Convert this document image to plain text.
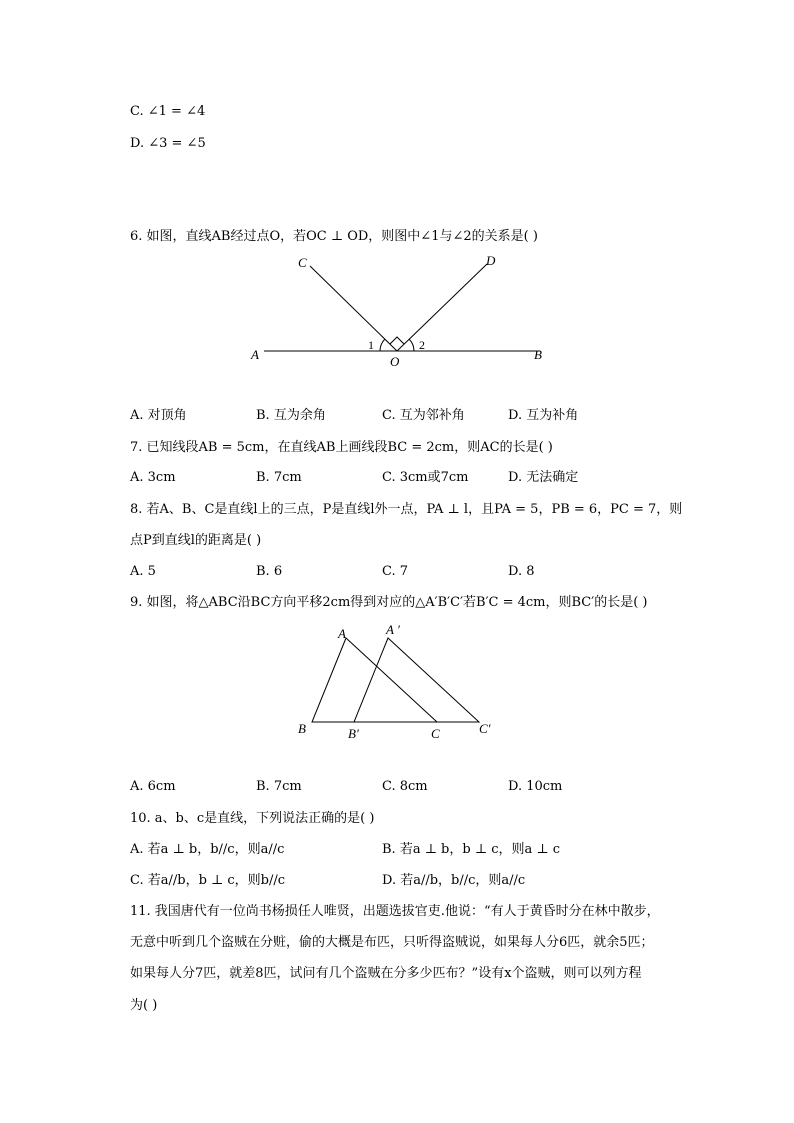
C. ∠1 = ∠4
D. ∠3 = ∠5
6. 如图，直线AB经过点O，若OC ⊥ OD，则图中∠1与∠2的关系是( )
C	D
A	O	B
1	2
A. 对顶角	B. 互为余角	C. 互为邻补角	D. 互为补角
7. 已知线段AB = 5cm，在直线AB上画线段BC = 2cm，则AC的长是( )
A. 3cm	B. 7cm	C. 3cm或7cm	D. 无法确定
8. 若A、B、C是直线l上的三点，P是直线l外一点，PA ⊥ l，且PA = 5，PB = 6，PC = 7，则
点P到直线l的距离是( )
A. 5	B. 6	C. 7	D. 8
9. 如图，将△ABC沿BC方向平移2cm得到对应的△A′B′C′若B′C = 4cm，则BC′的长是( )
A	A ′
B	B′	C	C′
A. 6cm	B. 7cm	C. 8cm	D. 10cm
10. a、b、c是直线，下列说法正确的是( )
A. 若a ⊥ b，b//c，则a//c	B. 若a ⊥ b，b ⊥ c，则a ⊥ c
C. 若a//b，b ⊥ c，则b//c	D. 若a//b，b//c，则a//c
11. 我国唐代有一位尚书杨损任人唯贤，出题选拔官吏.他说：“有人于黄昏时分在林中散步，
无意中听到几个盗贼在分赃，偷的大概是布匹，只听得盗贼说，如果每人分6匹，就余5匹；
如果每人分7匹，就差8匹，试问有几个盗贼在分多少匹布？”设有x个盗贼，则可以列方程
为( )
